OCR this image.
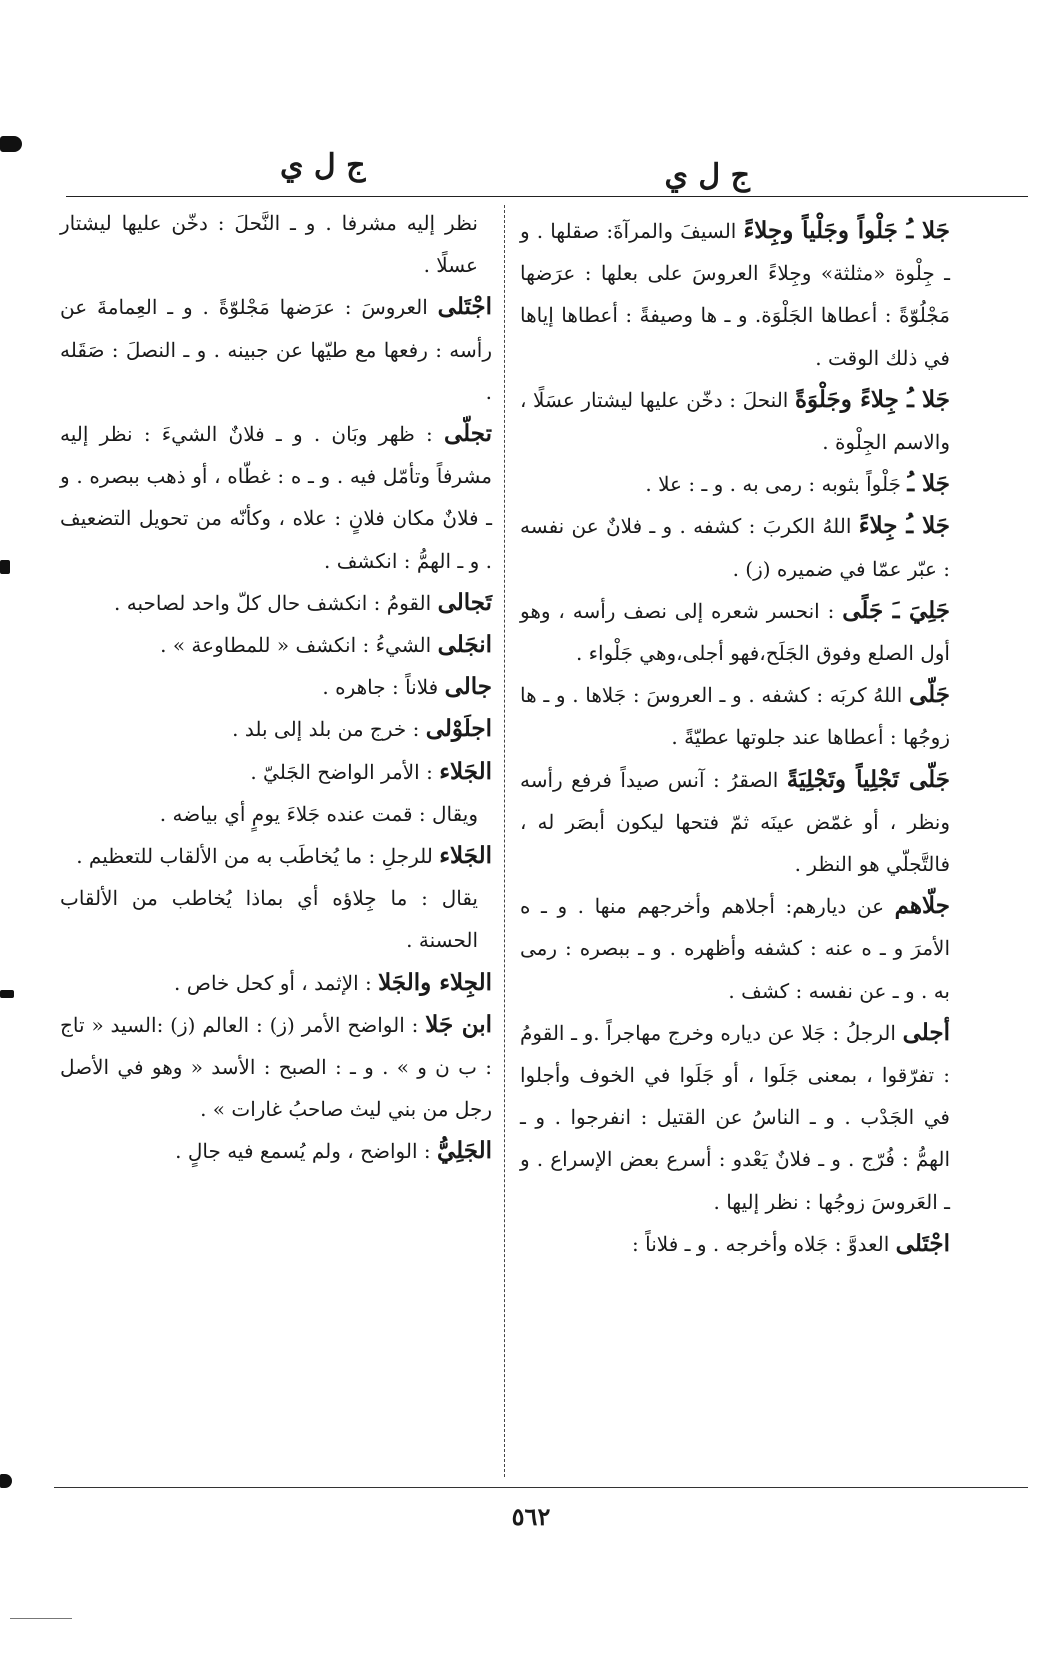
ج ل ي
ج ل ي

جَلا ـُ جَلْواً وجَلْياً وجِلاءً السيفَ والمرآةَ: صقلها . و ـ جِلْوة «مثلثة» وجِلاءً العروسَ على بعلها : عرَضها مَجْلُوّةً : أعطاها الجَلْوَة. و ـ ها وصيفةً : أعطاها إياها في ذلك الوقت .

جَلا ـُ جِلاءً وجَلْوَةً النحلَ : دخّن عليها ليشتار عسَلًا ، والاسم الجِلْوة .

جَلا ـُ جَلْواً بثوبه : رمى به . و ـ : علا .

جَلا ـُ جِلاءً اللهُ الكربَ : كشفه . و ـ فلانٌ عن نفسه : عبّر عمّا في ضميره (ز) .

جَلِيَ ـَ جَلًى : انحسر شعره إلى نصف رأسه ، وهو أول الصلع وفوق الجَلَح،فهو أجلى،وهي جَلْواء .

جَلّى اللهُ كربَه : كشفه . و ـ العروسَ : جَلاها . و ـ ها زوجُها : أعطاها عند جلوتها عطيّةً .

جَلّى تَجْلِياً وتَجْلِيَةً الصقرُ : آنس صيداً فرفع رأسه ونظر ، أو غمّض عينَه ثمّ فتحها ليكون أبصَر له ، فالتَّجلّي هو النظر .

جلّاهم عن ديارهم: أجلاهم وأخرجهم منها . و ـ ه الأمرَ و ـ ه عنه : كشفه وأظهره . و ـ ببصره : رمى به . و ـ عن نفسه : كشف .

أجلى الرجلُ : جَلا عن دياره وخرج مهاجراً .و ـ القومُ : تفرّقوا ، بمعنى جَلَوا ، أو جَلَوا في الخوف وأجلوا في الجَدْب . و ـ الناسُ عن القتيل : انفرجوا . و ـ الهمُّ : فُرّج . و ـ فلانٌ يَعْدو : أسرع بعض الإسراع . و ـ العَروسَ زوجُها : نظر إليها .

اجْتَلى العدوَّ : جَلاه وأخرجه . و ـ فلاناً :

نظر إليه مشرفا . و ـ النَّحلَ : دخّن عليها ليشتار عسلًا .

اجْتَلى العروسَ : عرَضها مَجْلوّةً . و ـ العِمامةَ عن رأسه : رفعها مع طيّها عن جبينه . و ـ النصلَ : صَقَله .

تجلّى : ظهر وبَان . و ـ فلانٌ الشيءَ : نظر إليه مشرفاً وتأمّل فيه . و ـ ه : غطّاه ، أو ذهب ببصره . و ـ فلانٌ مكان فلانٍ : علاه ، وكأنّه من تحويل التضعيف . و ـ الهمُّ : انكشف .

تَجالى القومُ : انكشف حال كلّ واحد لصاحبه .

انجَلى الشيءُ : انكشف « للمطاوعة » .

جالى فلاناً : جاهره .

اجلَوْلى : خرج من بلد إلى بلد .

الجَلاء : الأمر الواضح الجَليّ .

ويقال : قمت عنده جَلاءَ يومٍ أي بياضه .

الجَلاء للرجلِ : ما يُخاطَب به من الألقاب للتعظيم .

يقال : ما جِلاؤه أي بماذا يُخاطب من الألقاب الحسنة .

الجِلاء والجَلا : الإثمد ، أو كحل خاص .

ابن جَلا : الواضح الأمر (ز) : العالم (ز) :السيد « تاج : ب ن و » . و ـ : الصبح : الأسد « وهو في الأصل رجل من بني ليث صاحبُ غارات » .

الجَلِيُّ : الواضح ، ولم يُسمع فيه جالٍ .

٥٦٢
